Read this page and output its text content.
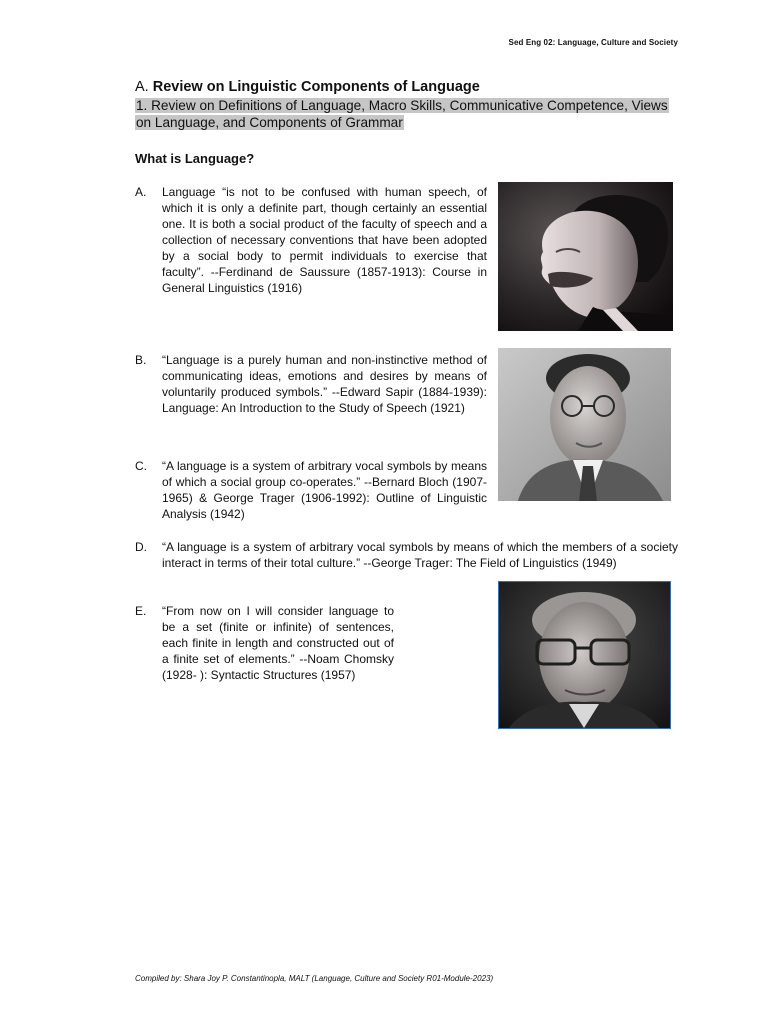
Sed Eng 02: Language, Culture and Society
A. Review on Linguistic Components of Language
1. Review on Definitions of Language, Macro Skills, Communicative Competence, Views on Language, and Components of Grammar
What is Language?
A.	Language “is not to be confused with human speech, of which it is only a definite part, though certainly an essential one. It is both a social product of the faculty of speech and a collection of necessary conventions that have been adopted by a social body to permit individuals to exercise that faculty”. --Ferdinand de Saussure (1857-1913): Course in General Linguistics (1916)
B.	“Language is a purely human and non-instinctive method of communicating ideas, emotions and desires by means of voluntarily produced symbols.” --Edward Sapir (1884-1939): Language: An Introduction to the Study of Speech (1921)
C.	“A language is a system of arbitrary vocal symbols by means of which a social group co-operates.” --Bernard Bloch (1907-1965) & George Trager (1906-1992): Outline of Linguistic Analysis (1942)
D.	“A language is a system of arbitrary vocal symbols by means of which the members of a society interact in terms of their total culture.” --George Trager: The Field of Linguistics (1949)
E.	“From now on I will consider language to be a set (finite or infinite) of sentences, each finite in length and constructed out of a finite set of elements.” --Noam Chomsky (1928- ): Syntactic Structures (1957)
Compiled by: Shara Joy P. Constantinopla, MALT (Language, Culture and Society R01-Module-2023)
